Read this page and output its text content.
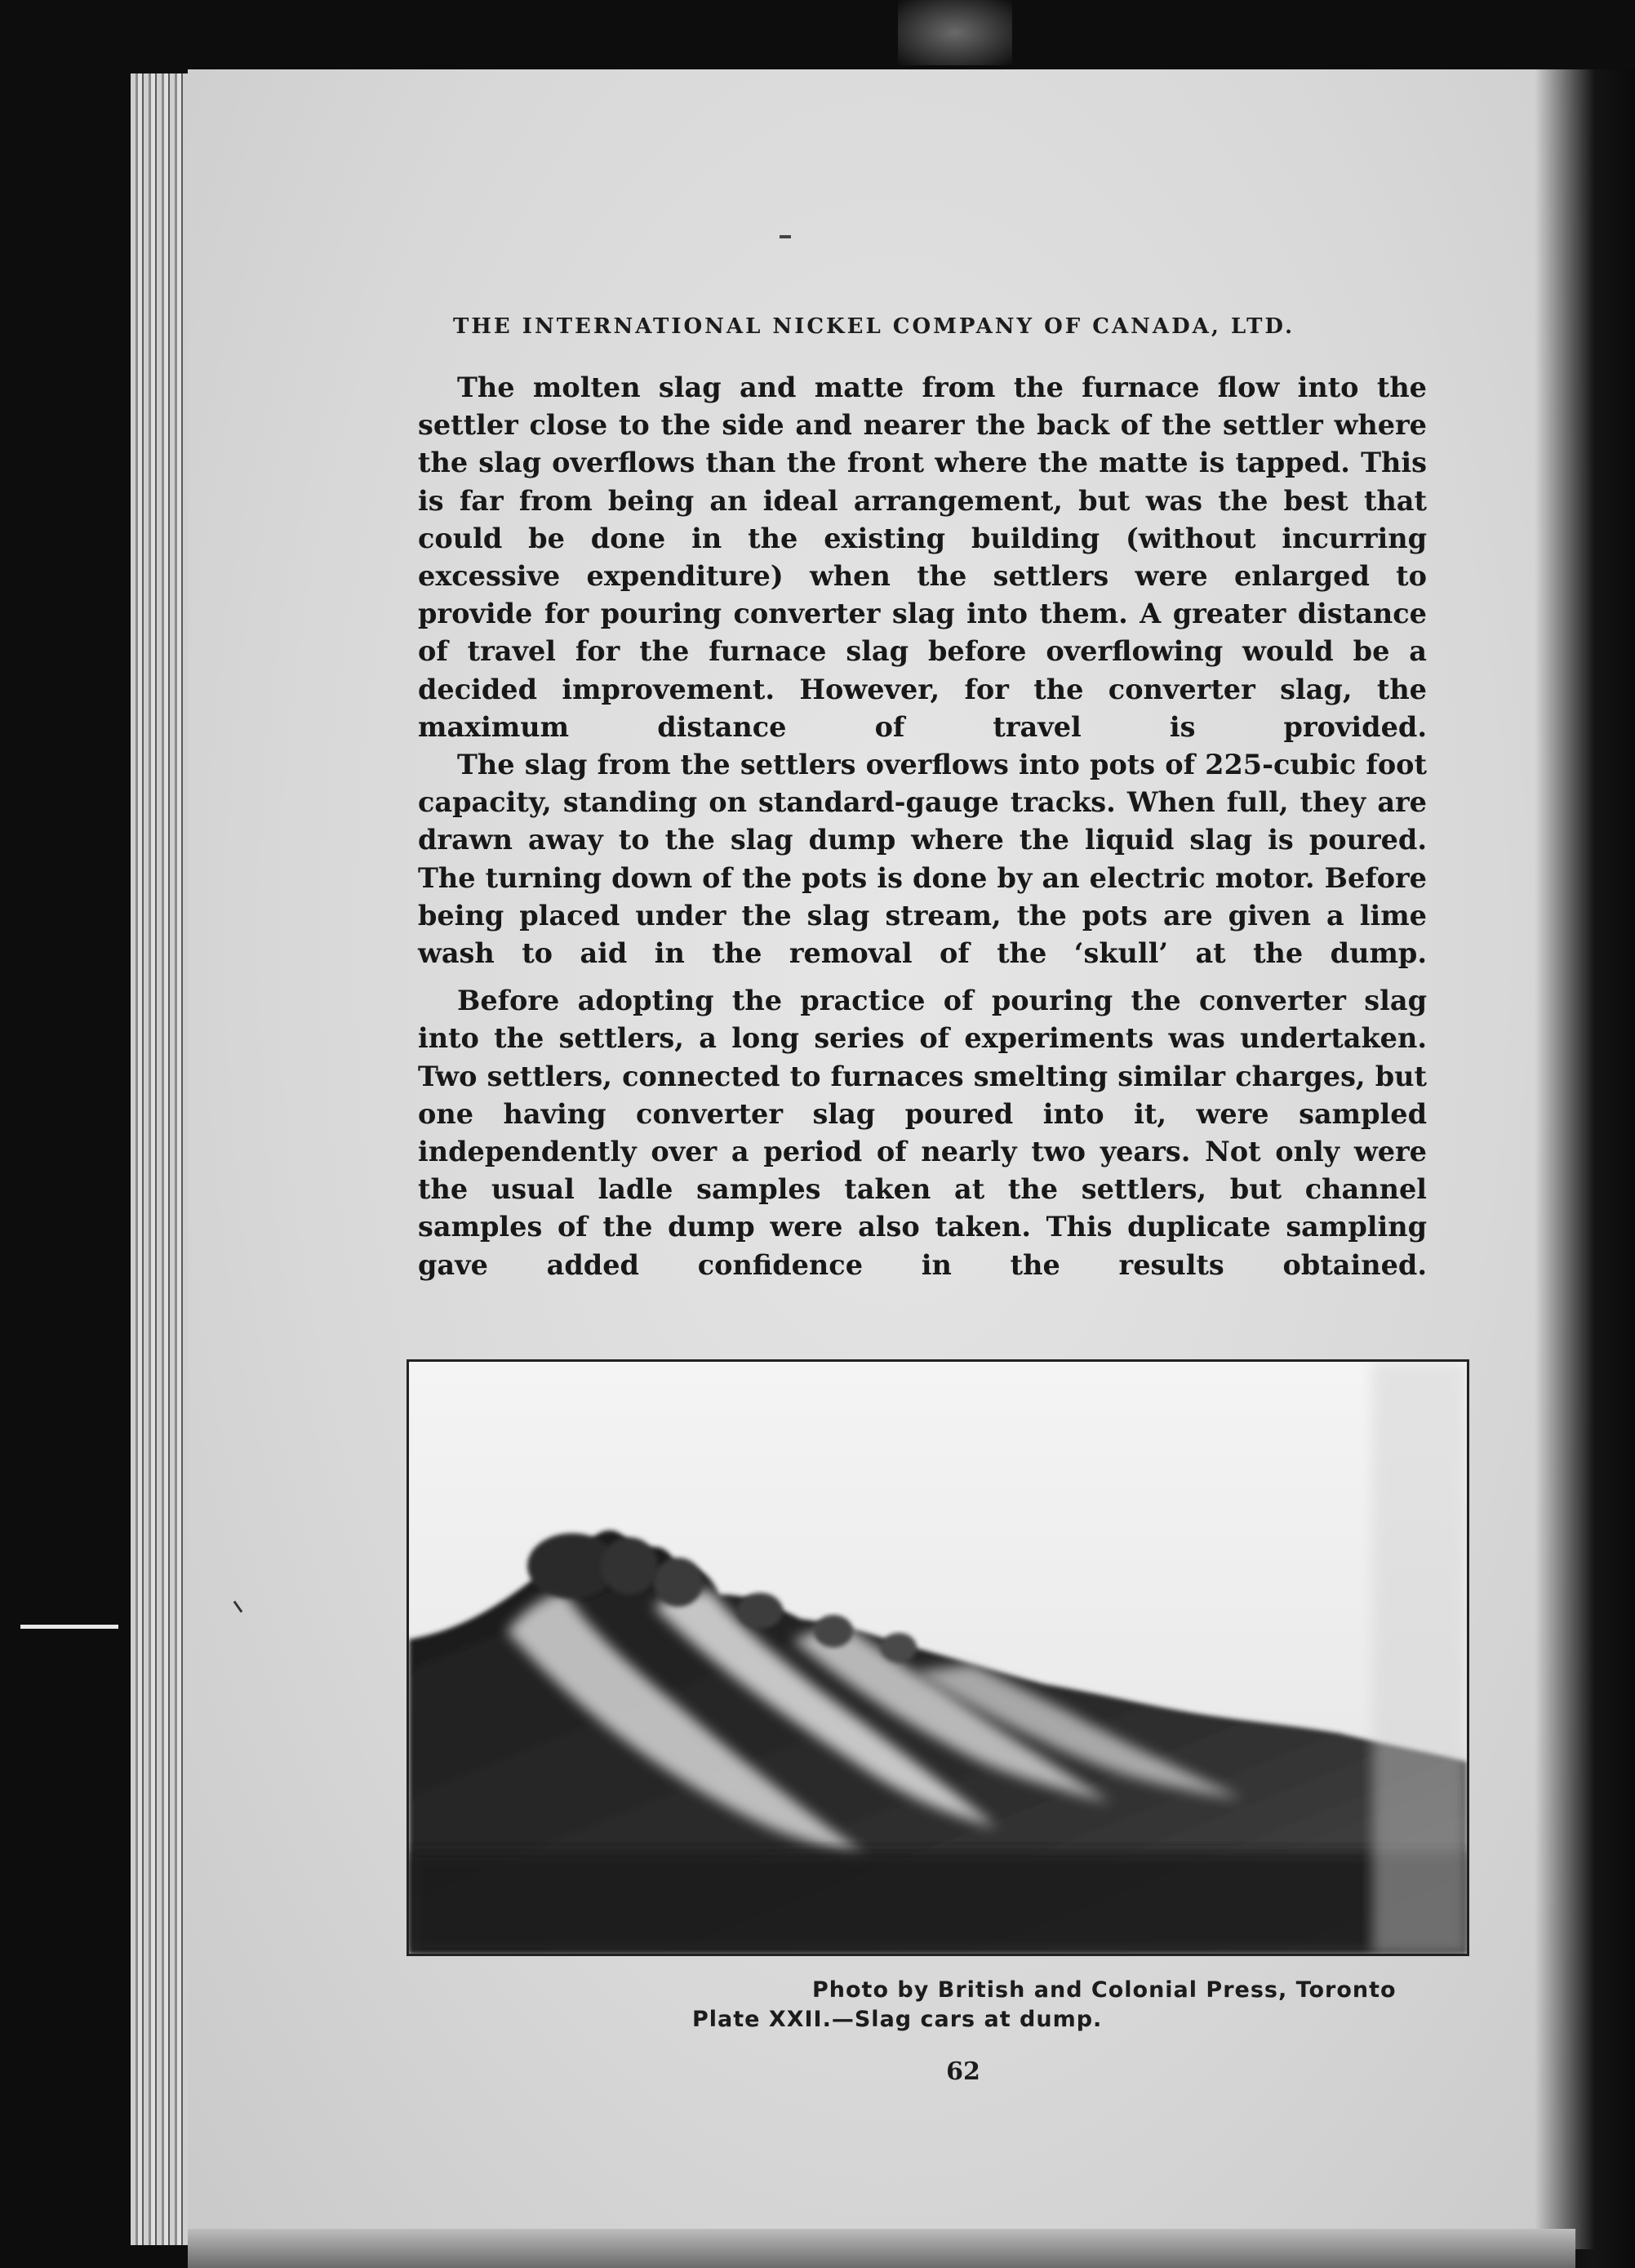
THE INTERNATIONAL NICKEL COMPANY OF CANADA, LTD.

The molten slag and matte from the furnace flow into the settler close to the side and nearer the back of the settler where the slag overflows than the front where the matte is tapped. This is far from being an ideal arrangement, but was the best that could be done in the existing building (without incurring excessive expenditure) when the settlers were enlarged to provide for pouring converter slag into them. A greater distance of travel for the furnace slag before overflowing would be a decided improvement. However, for the converter slag, the maximum distance of travel is provided.

The slag from the settlers overflows into pots of 225-cubic foot capacity, standing on standard-gauge tracks. When full, they are drawn away to the slag dump where the liquid slag is poured. The turning down of the pots is done by an electric motor. Before being placed under the slag stream, the pots are given a lime wash to aid in the removal of the ‘skull’ at the dump.

Before adopting the practice of pouring the converter slag into the settlers, a long series of experiments was undertaken. Two settlers, connected to furnaces smelting similar charges, but one having converter slag poured into it, were sampled independently over a period of nearly two years. Not only were the usual ladle samples taken at the settlers, but channel samples of the dump were also taken. This duplicate sampling gave added confidence in the results obtained.

Photo by British and Colonial Press, Toronto
Plate XXII.—Slag cars at dump.
62
